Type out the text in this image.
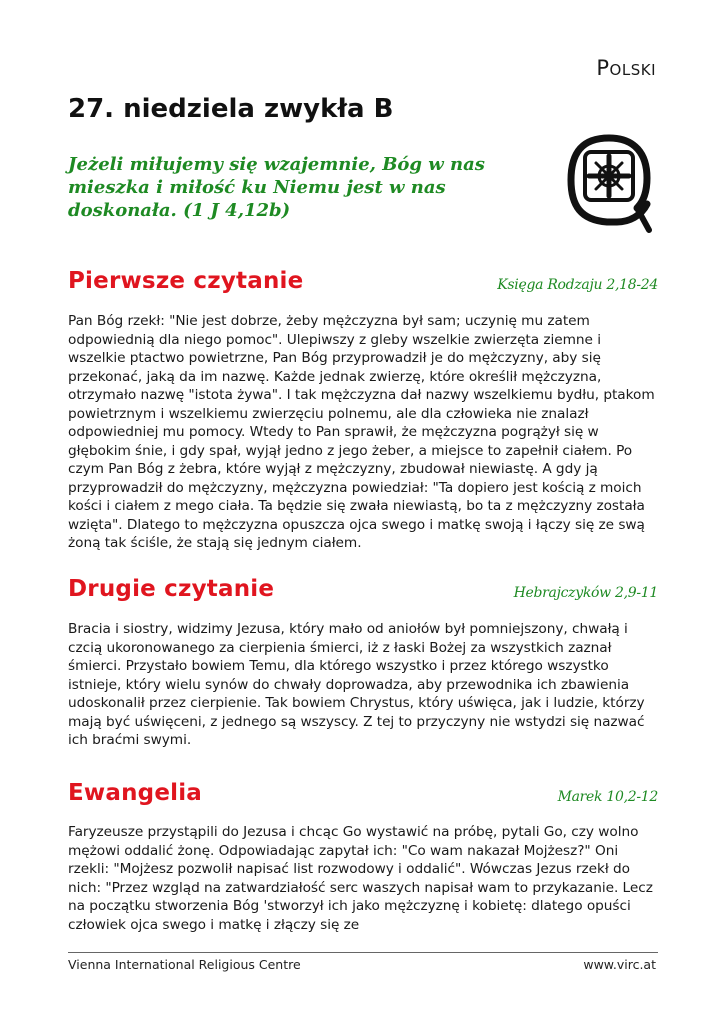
Polski
27. niedziela zwykła B
Jeżeli miłujemy się wzajemnie, Bóg w nas mieszka i miłość ku Niemu jest w nas doskonała. (1 J 4,12b)
Pierwsze czytanie	Księga Rodzaju 2,18-24

Pan Bóg rzekł: "Nie jest dobrze, żeby mężczyzna był sam; uczynię mu zatem odpowiednią dla niego pomoc". Ulepiwszy z gleby wszelkie zwierzęta ziemne i wszelkie ptactwo powietrzne, Pan Bóg przyprowadził je do mężczyzny, aby się przekonać, jaką da im nazwę. Każde jednak zwierzę, które określił mężczyzna, otrzymało nazwę "istota żywa". I tak mężczyzna dał nazwy wszelkiemu bydłu, ptakom powietrznym i wszelkiemu zwierzęciu polnemu, ale dla człowieka nie znalazł odpowiedniej mu pomocy. Wtedy to Pan sprawił, że mężczyzna pogrążył się w głębokim śnie, i gdy spał, wyjął jedno z jego żeber, a miejsce to zapełnił ciałem. Po czym Pan Bóg z żebra, które wyjął z mężczyzny, zbudował niewiastę. A gdy ją przyprowadził do mężczyzny, mężczyzna powiedział: "Ta dopiero jest kością z moich kości i ciałem z mego ciała. Ta będzie się zwała niewiastą, bo ta z mężczyzny została wzięta". Dlatego to mężczyzna opuszcza ojca swego i matkę swoją i łączy się ze swą żoną tak ściśle, że stają się jednym ciałem.

Drugie czytanie	Hebrajczyków 2,9-11

Bracia i siostry, widzimy Jezusa, który mało od aniołów był pomniejszony, chwałą i czcią ukoronowanego za cierpienia śmierci, iż z łaski Bożej za wszystkich zaznał śmierci. Przystało bowiem Temu, dla którego wszystko i przez którego wszystko istnieje, który wielu synów do chwały doprowadza, aby przewodnika ich zbawienia udoskonalił przez cierpienie. Tak bowiem Chrystus, który uświęca, jak i ludzie, którzy mają być uświęceni, z jednego są wszyscy. Z tej to przyczyny nie wstydzi się nazwać ich braćmi swymi.

Ewangelia	Marek 10,2-12

Faryzeusze przystąpili do Jezusa i chcąc Go wystawić na próbę, pytali Go, czy wolno mężowi oddalić żonę. Odpowiadając zapytał ich: "Co wam nakazał Mojżesz?" Oni rzekli: "Mojżesz pozwolił napisać list rozwodowy i oddalić". Wówczas Jezus rzekł do nich: "Przez wzgląd na zatwardziałość serc waszych napisał wam to przykazanie. Lecz na początku stworzenia Bóg 'stworzył ich jako mężczyznę i kobietę: dlatego opuści człowiek ojca swego i matkę i złączy się ze

Vienna International Religious Centre	www.virc.at
